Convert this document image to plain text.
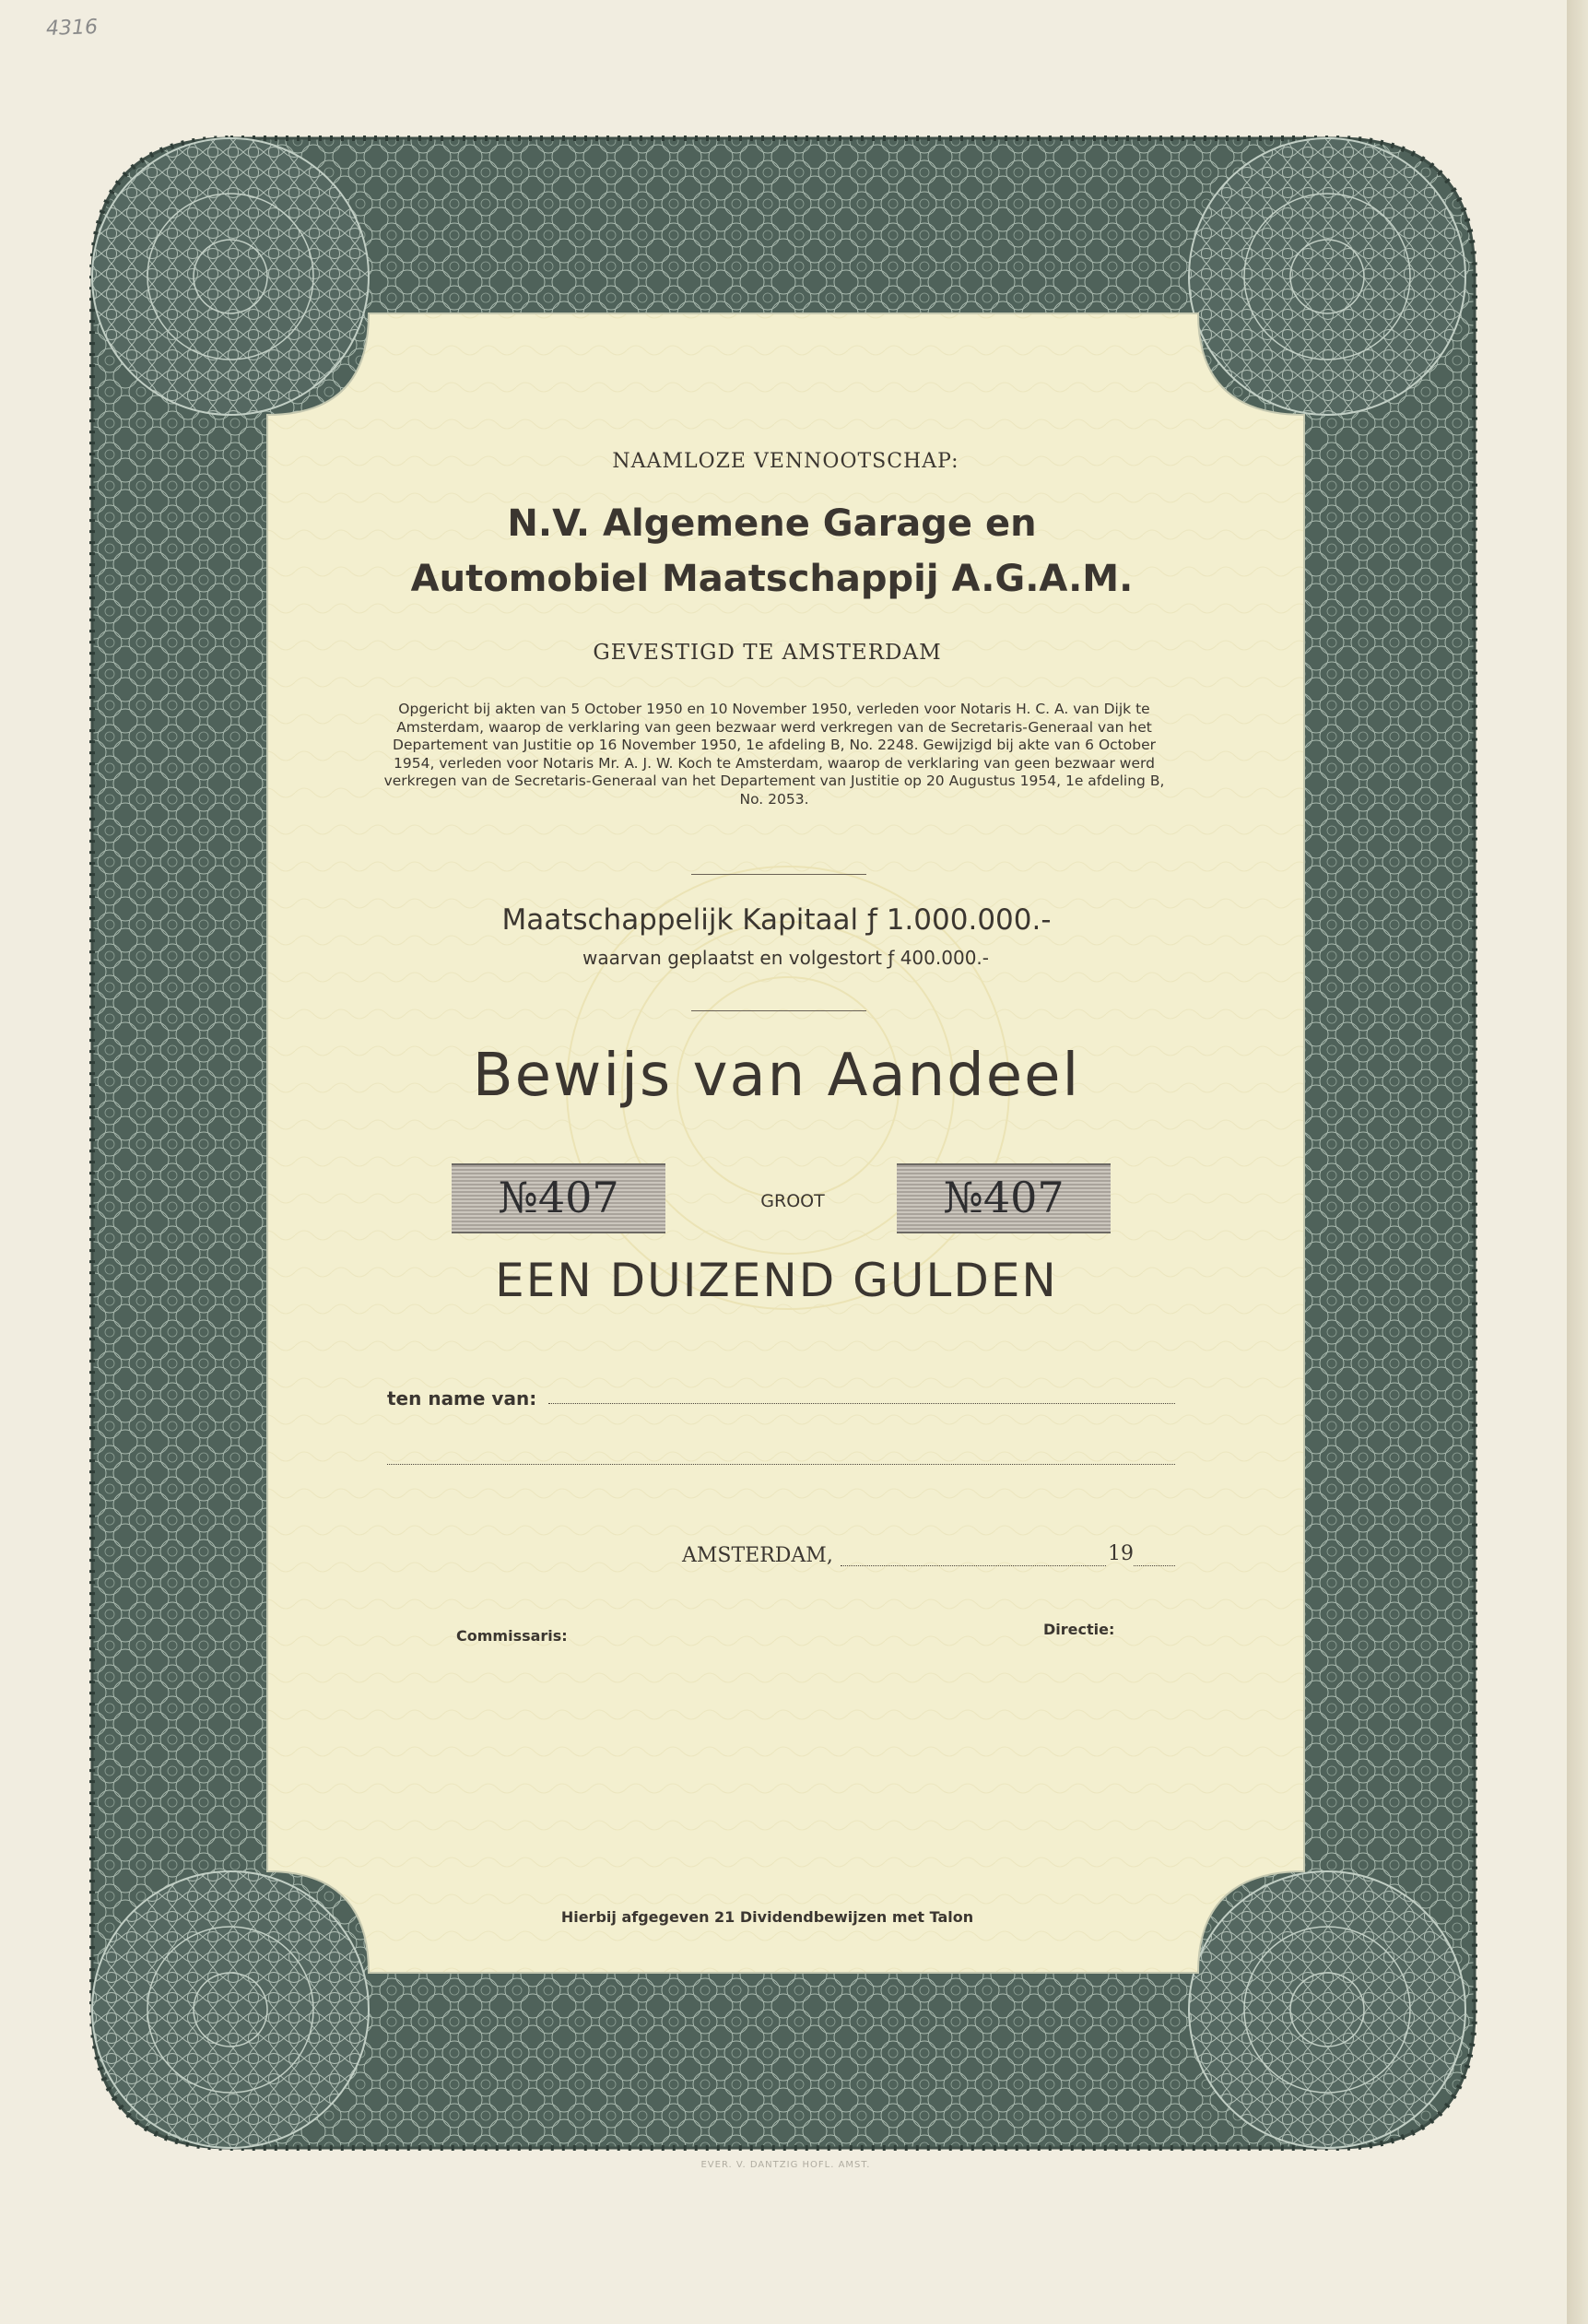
4316
NAAMLOZE VENNOOTSCHAP:
N.V. Algemene Garage en
Automobiel Maatschappij A.G.A.M.
GEVESTIGD TE AMSTERDAM
Opgericht bij akten van 5 October 1950 en 10 November 1950, verleden voor Notaris H. C. A. van Dijk te Amsterdam, waarop de verklaring van geen bezwaar werd verkregen van de Secretaris-Generaal van het Departement van Justitie op 16 November 1950, 1e afdeling B, No. 2248. Gewijzigd bij akte van 6 October 1954, verleden voor Notaris Mr. A. J. W. Koch te Amsterdam, waarop de verklaring van geen bezwaar werd verkregen van de Secretaris-Generaal van het Departement van Justitie op 20 Augustus 1954, 1e afdeling B, No. 2053.
Maatschappelijk Kapitaal ƒ 1.000.000.-
waarvan geplaatst en volgestort ƒ 400.000.-
Bewijs van Aandeel
№407	GROOT	№407
EEN DUIZEND GULDEN
ten name van:
AMSTERDAM,	19
Commissaris:	Directie:
Hierbij afgegeven 21 Dividendbewijzen met Talon
EVER. V. DANTZIG HOFL. AMST.
